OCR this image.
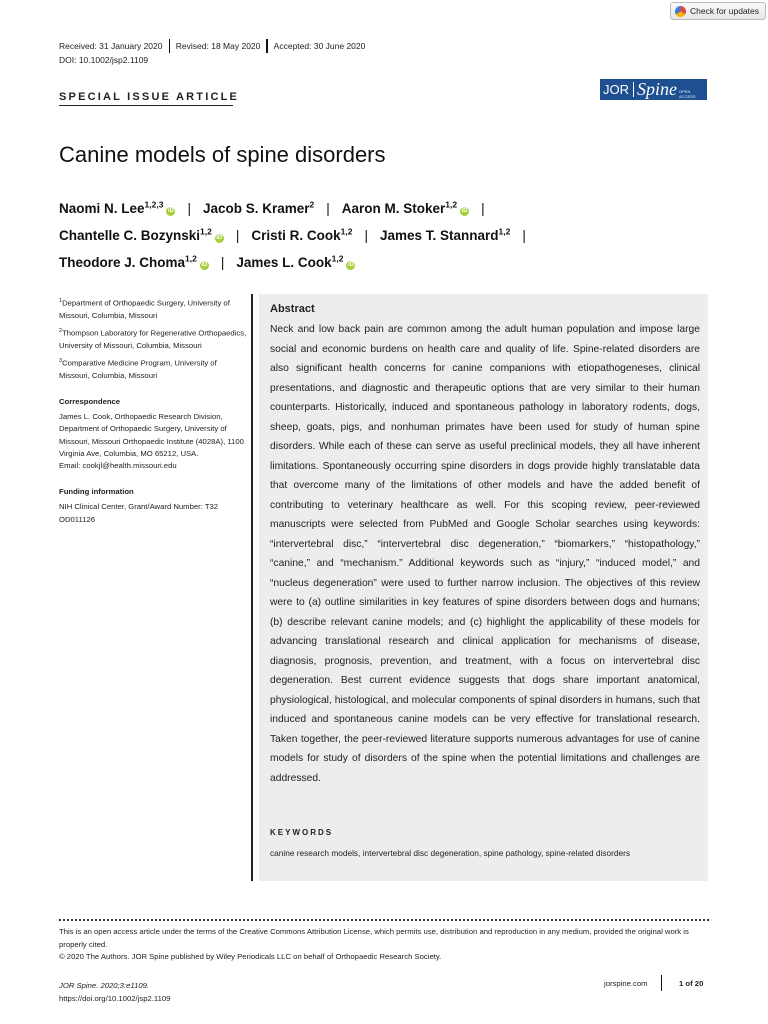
Check for updates
Received: 31 January 2020 Revised: 18 May 2020 Accepted: 30 June 2020
DOI: 10.1002/jsp2.1109
SPECIAL ISSUE ARTICLE	JOR Spine OPEN ACCESS
Canine models of spine disorders
Naomi N. Lee$^{1,2,3}$iD | Jacob S. Kramer$^2$ | Aaron M. Stoker$^{1,2}$iD |
Chantelle C. Bozynski$^{1,2}$iD | Cristi R. Cook$^{1,2}$ | James T. Stannard$^{1,2}$ |
Theodore J. Choma$^{1,2}$iD | James L. Cook$^{1,2}$iD

$^1$Department of Orthopaedic Surgery, University of Missouri, Columbia, Missouri

$^2$Thompson Laboratory for Regenerative Orthopaedics, University of Missouri, Columbia, Missouri

$^3$Comparative Medicine Program, University of Missouri, Columbia, Missouri

Correspondence

James L. Cook, Orthopaedic Research Division, Department of Orthopaedic Surgery, University of Missouri, Missouri Orthopaedic Institute (4028A), 1100 Virginia Ave, Columbia, MO 65212, USA.

Email: cookjl@health.missouri.edu

Funding information

NIH Clinical Center, Grant/Award Number: T32 OD011126

Abstract
Neck and low back pain are common among the adult human population and impose large social and economic burdens on health care and quality of life. Spine-related disorders are also significant health concerns for canine companions with etiopathogeneses, clinical presentations, and diagnostic and therapeutic options that are very similar to their human counterparts. Historically, induced and spontaneous pathology in laboratory rodents, dogs, sheep, goats, pigs, and nonhuman primates have been used for study of human spine disorders. While each of these can serve as useful preclinical models, they all have inherent limitations. Spontaneously occurring spine disorders in dogs provide highly translatable data that overcome many of the limitations of other models and have the added benefit of contributing to veterinary healthcare as well. For this scoping review, peer-reviewed manuscripts were selected from PubMed and Google Scholar searches using keywords: “intervertebral disc,” “intervertebral disc degeneration,” “biomarkers,” “histopathology,” “canine,” and “mechanism.” Additional keywords such as “injury,” “induced model,” and “nucleus degeneration” were used to further narrow inclusion. The objectives of this review were to (a) outline similarities in key features of spine disorders between dogs and humans; (b) describe relevant canine models; and (c) highlight the applicability of these models for advancing translational research and clinical application for mechanisms of disease, diagnosis, prognosis, prevention, and treatment, with a focus on intervertebral disc degeneration. Best current evidence suggests that dogs share important anatomical, physiological, histological, and molecular components of spinal disorders in humans, such that induced and spontaneous canine models can be very effective for translational research. Taken together, the peer-reviewed literature supports numerous advantages for use of canine models for study of disorders of the spine when the potential limitations and challenges are addressed.
KEYWORDS
canine research models, intervertebral disc degeneration, spine pathology, spine-related disorders

This is an open access article under the terms of the Creative Commons Attribution License, which permits use, distribution and reproduction in any medium, provided the original work is properly cited.

© 2020 The Authors. JOR Spine published by Wiley Periodicals LLC on behalf of Orthopaedic Research Society.

JOR Spine. 2020;3:e1109.
https://doi.org/10.1002/jsp2.1109
jorspine.com	1 of 20
